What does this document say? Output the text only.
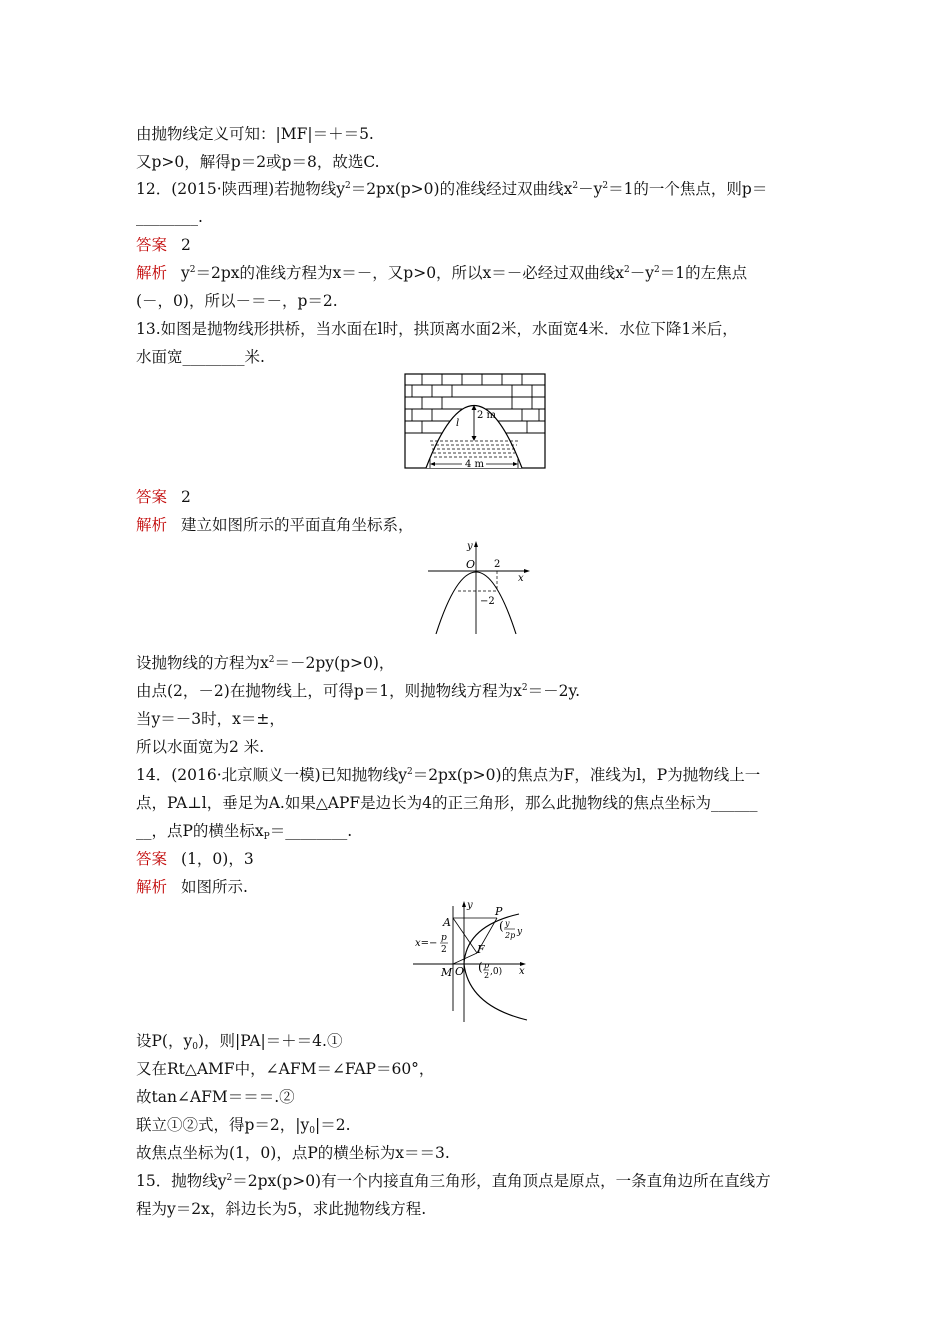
由抛物线定义可知：|MF|＝＋＝5.
又p>0，解得p＝2或p＝8，故选C.
12．(2015·陕西理)若抛物线$y^2=2px(p>0)$的准线经过双曲线$x^2-y^2=1$的一个焦点，则p＝
________.
答案 2
解析 $y^2=2px$的准线方程为x＝－，又p>0，所以x＝－必经过双曲线$x^2-y^2=1$的左焦点
(－，0)，所以－＝－，p＝2.
13.如图是抛物线形拱桥，当水面在l时，拱顶离水面2米，水面宽4米．水位下降1米后，
水面宽________米.
2 m
l
4 m
答案 2
解析 建立如图所示的平面直角坐标系，
y
x
O 2
−2
设抛物线的方程为$x^2=-2py(p>0)$，
由点(2，－2)在抛物线上，可得p＝1，则抛物线方程为$x^2=-2y$.
当y＝－3时，x＝±，
所以水面宽为2 米.
14．(2016·北京顺义一模)已知抛物线$y^2=2px(p>0)$的焦点为F，准线为l，P为抛物线上一
点，PA⊥l，垂足为A.如果△APF是边长为4的正三角形，那么此抛物线的焦点坐标为______
__，点P的横坐标$x_P=\_\_\_\_\_\_\_\_$.
答案 (1，0)，3
解析 如图所示.
y
x
A
P
F
M O
x=− p
2
( y
2p y
( p
2 ,0)
设P(，$y_0$)，则|PA|＝＋＝4.①
又在Rt△AMF中，∠AFM＝∠FAP＝60°，
故tan∠AFM＝＝＝.②
联立①②式，得p＝2，$|y_0|=2$.
故焦点坐标为(1，0)，点P的横坐标为x＝＝3.
15．抛物线$y^2=2px(p>0)$有一个内接直角三角形，直角顶点是原点，一条直角边所在直线方
程为y＝2x，斜边长为5，求此抛物线方程.
